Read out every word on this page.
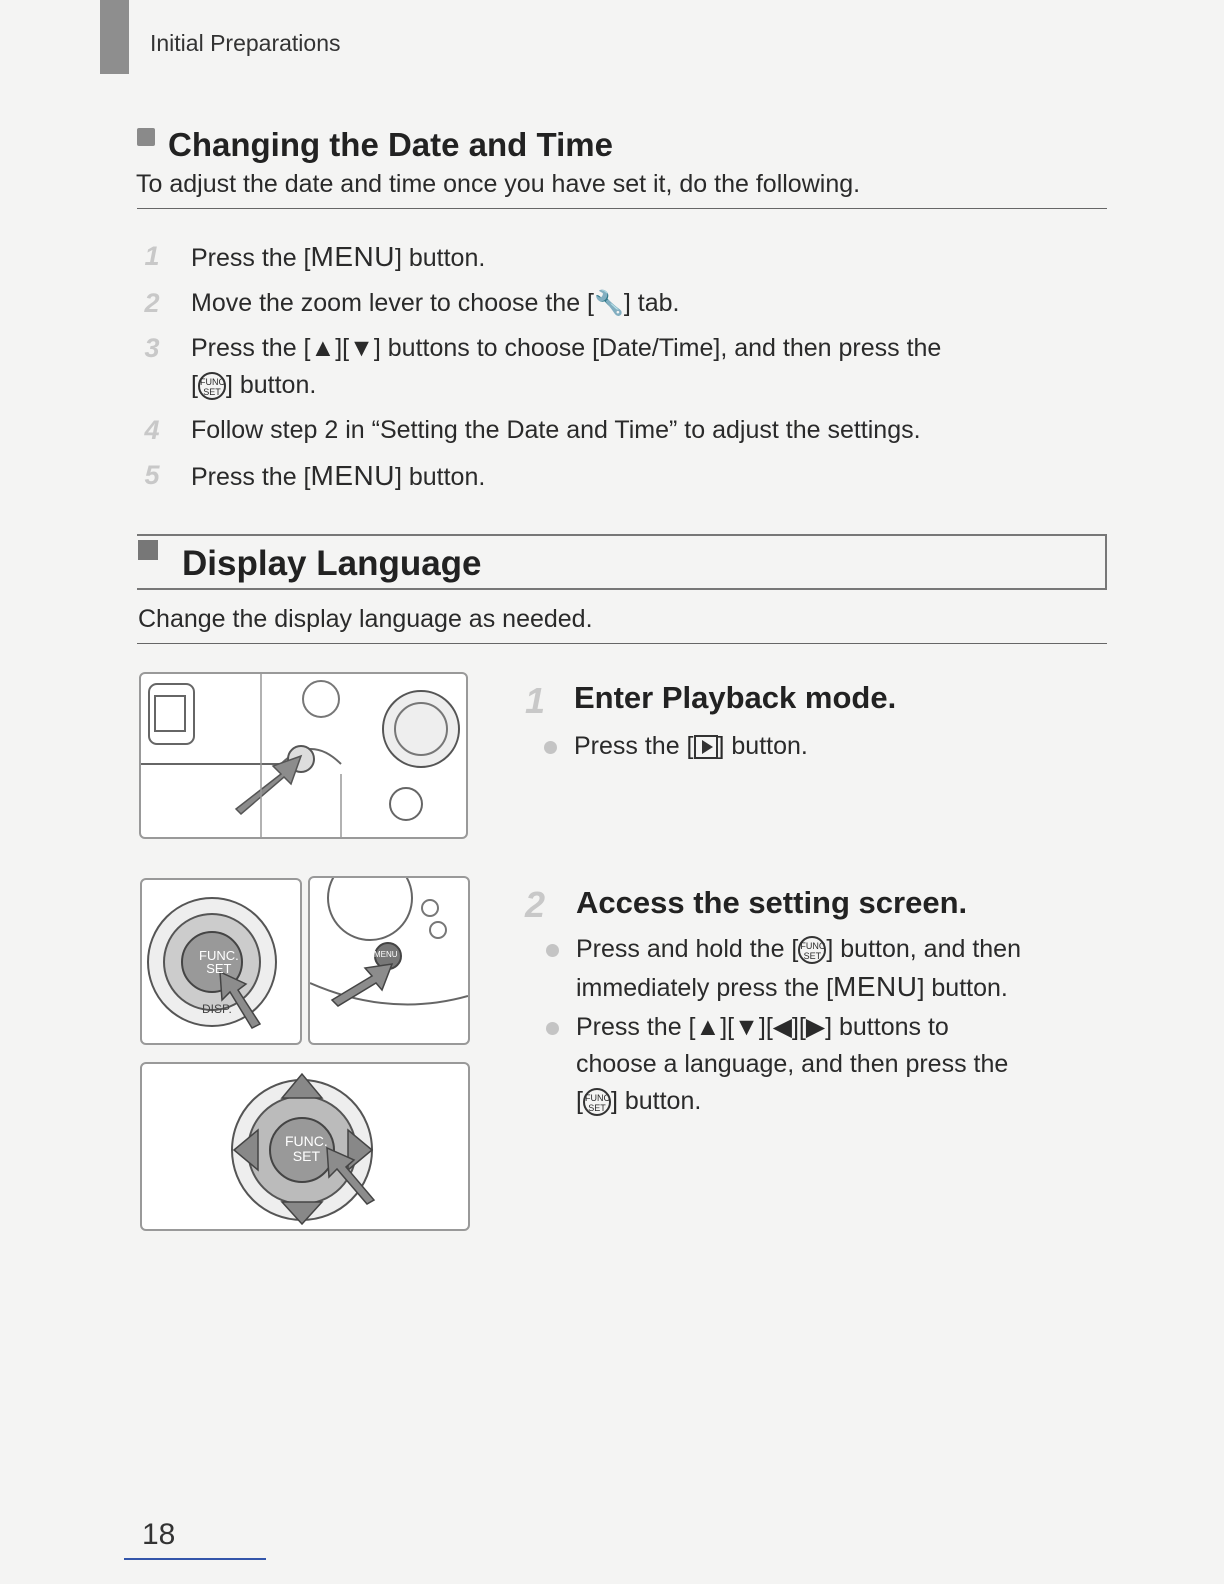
Initial Preparations
Changing the Date and Time
To adjust the date and time once you have set it, do the following.
1 Press the [MENU] button.
2 Move the zoom lever to choose the [🔧] tab.
3 Press the [▲][▼] buttons to choose [Date/Time], and then press the
[ FUNC SET ] button.
4 Follow step 2 in “Setting the Date and Time” to adjust the settings.
5 Press the [MENU] button.
Display Language
Change the display language as needed.
FUNC.
SET
DISP.
MENU
FUNC.
SET
1 Enter Playback mode.
Press the [ ] button.
2 Access the setting screen.
Press and hold the [ FUNC SET ] button, and then
immediately press the [MENU] button.
Press the [▲][▼][◀][▶] buttons to
choose a language, and then press the
[ FUNC SET ] button.
18
